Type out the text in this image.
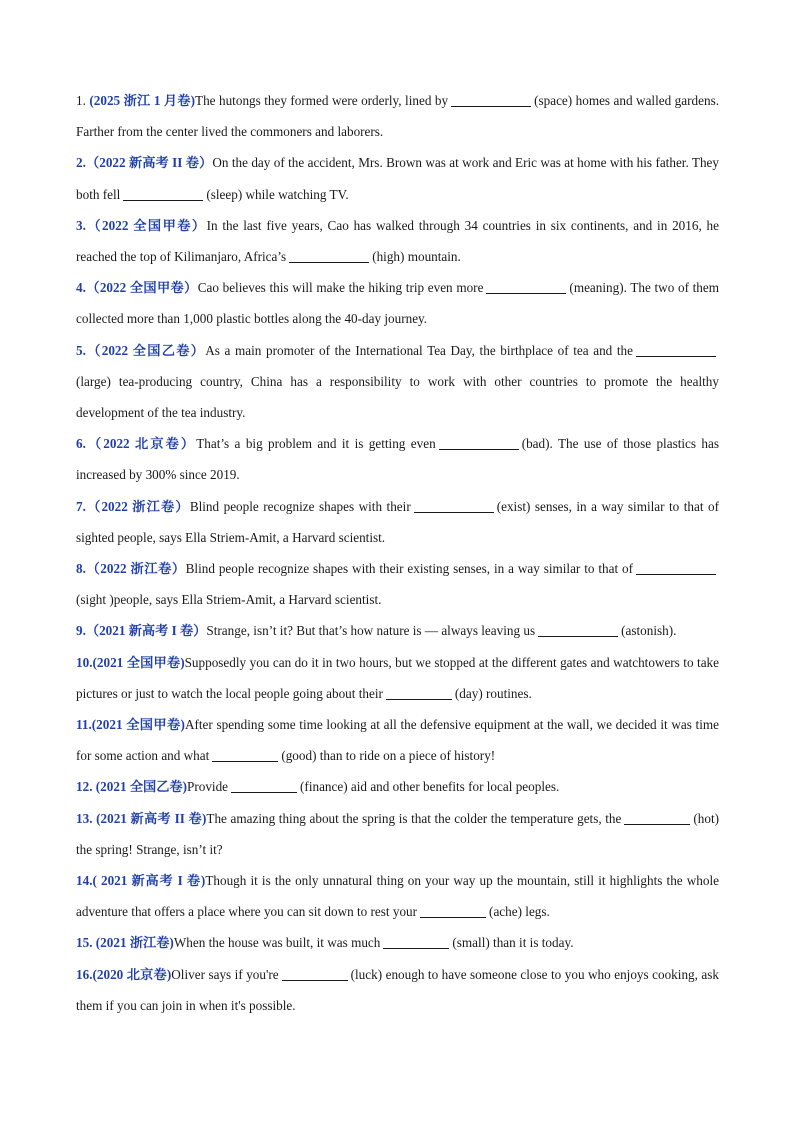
1. (2025 浙江 1 月卷)The hutongs they formed were orderly, lined by	(space) homes and walled gardens. Farther from the center lived the commoners and laborers.

2.（2022 新高考 II 卷）On the day of the accident, Mrs. Brown was at work and Eric was at home with his father. They both fell	(sleep) while watching TV.

3.（2022 全国甲卷）In the last five years, Cao has walked through 34 countries in six continents, and in 2016, he reached the top of Kilimanjaro, Africa’s	(high) mountain.

4.（2022 全国甲卷）Cao believes this will make the hiking trip even more	(meaning). The two of them collected more than 1,000 plastic bottles along the 40-day journey.

5.（2022 全国乙卷）As a main promoter of the International Tea Day, the birthplace of tea and the(large) tea-producing country, China has a responsibility to work with other countries to promote the healthy development of the tea industry.

6.（2022 北京卷）That’s a big problem and it is getting even	(bad). The use of those plastics has increased by 300% since 2019.

7.（2022 浙江卷）Blind people recognize shapes with their	(exist) senses, in a way similar to that of sighted people, says Ella Striem-Amit, a Harvard scientist.

8.（2022 浙江卷）Blind people recognize shapes with their existing senses, in a way similar to that of(sight )people, says Ella Striem-Amit, a Harvard scientist.

9.（2021 新高考 I 卷）Strange, isn’t it? But that’s how nature is — always leaving us	(astonish).

10.(2021 全国甲卷)Supposedly you can do it in two hours, but we stopped at the different gates and watchtowers to take pictures or just to watch the local people going about their	(day) routines.

11.(2021 全国甲卷)After spending some time looking at all the defensive equipment at the wall, we decided it was time for some action and what	(good) than to ride on a piece of history!

12. (2021 全国乙卷)Provide	(finance) aid and other benefits for local peoples.

13. (2021 新高考 II 卷)The amazing thing about the spring is that the colder the temperature gets, the	(hot) the spring! Strange, isn’t it?

14.( 2021 新高考 I 卷)Though it is the only unnatural thing on your way up the mountain, still it highlights the whole adventure that offers a place where you can sit down to rest your	(ache) legs.

15. (2021 浙江卷)When the house was built, it was much	(small) than it is today.

16.(2020 北京卷)Oliver says if you're	(luck) enough to have someone close to you who enjoys cooking, ask them if you can join in when it's possible.
